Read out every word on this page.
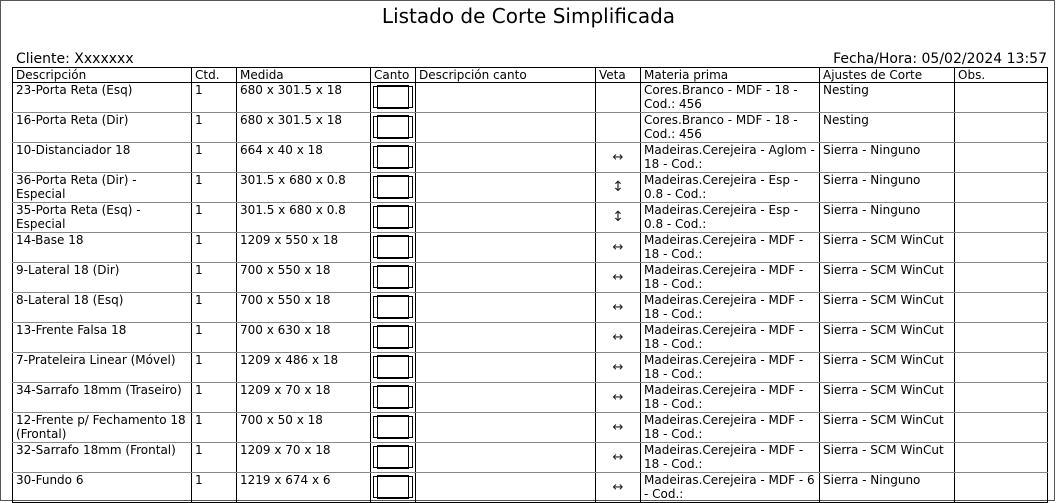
Listado de Corte Simplificada
Cliente: Xxxxxxx	Fecha/Hora: 05/02/2024 13:57
Descripción	Ctd.	Medida	Canto	Descripción canto	Veta	Materia prima	Ajustes de Corte	Obs.
23-Porta Reta (Esq)	1	680 x 301.5 x 18				Cores.Branco - MDF - 18 - Cod.: 456	Nesting	
16-Porta Reta (Dir)	1	680 x 301.5 x 18				Cores.Branco - MDF - 18 - Cod.: 456	Nesting	
10-Distanciador 18	1	664 x 40 x 18			↔	Madeiras.Cerejeira - Aglom - 18 - Cod.:	Sierra - Ninguno	
36-Porta Reta (Dir) - Especial	1	301.5 x 680 x 0.8			↕	Madeiras.Cerejeira - Esp - 0.8 - Cod.:	Sierra - Ninguno	
35-Porta Reta (Esq) - Especial	1	301.5 x 680 x 0.8			↕	Madeiras.Cerejeira - Esp - 0.8 - Cod.:	Sierra - Ninguno	
14-Base 18	1	1209 x 550 x 18			↔	Madeiras.Cerejeira - MDF - 18 - Cod.:	Sierra - SCM WinCut	
9-Lateral 18 (Dir)	1	700 x 550 x 18			↔	Madeiras.Cerejeira - MDF - 18 - Cod.:	Sierra - SCM WinCut	
8-Lateral 18 (Esq)	1	700 x 550 x 18			↔	Madeiras.Cerejeira - MDF - 18 - Cod.:	Sierra - SCM WinCut	
13-Frente Falsa 18	1	700 x 630 x 18			↔	Madeiras.Cerejeira - MDF - 18 - Cod.:	Sierra - SCM WinCut	
7-Prateleira Linear (Móvel)	1	1209 x 486 x 18			↔	Madeiras.Cerejeira - MDF - 18 - Cod.:	Sierra - SCM WinCut	
34-Sarrafo 18mm (Traseiro)	1	1209 x 70 x 18			↔	Madeiras.Cerejeira - MDF - 18 - Cod.:	Sierra - SCM WinCut	
12-Frente p/ Fechamento 18 (Frontal)	1	700 x 50 x 18			↔	Madeiras.Cerejeira - MDF - 18 - Cod.:	Sierra - SCM WinCut	
32-Sarrafo 18mm (Frontal)	1	1209 x 70 x 18			↔	Madeiras.Cerejeira - MDF - 18 - Cod.:	Sierra - SCM WinCut	
30-Fundo 6	1	1219 x 674 x 6			↔	Madeiras.Cerejeira - MDF - 6 - Cod.:	Sierra - Ninguno	
